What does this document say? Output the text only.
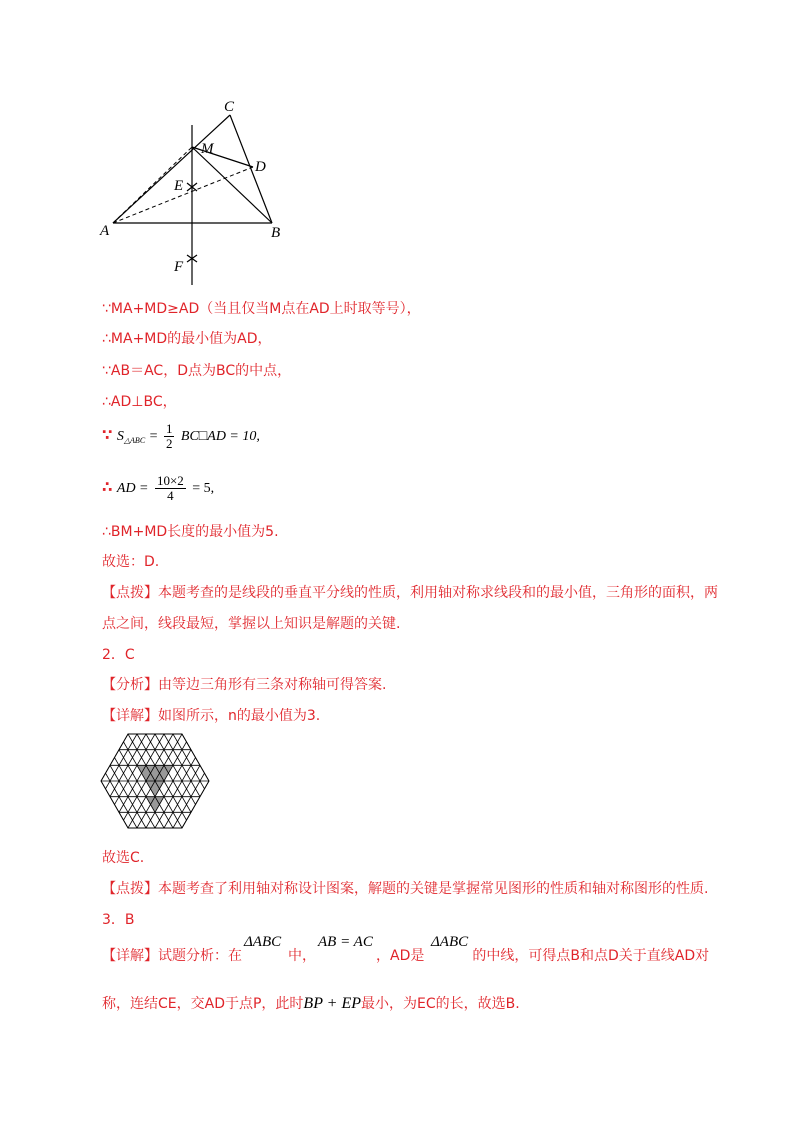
C
M
D
E
A	B
F
∵MA+MD≥AD（当且仅当M点在AD上时取等号），
∴MA+MD的最小值为AD，
∵AB＝AC，D点为BC的中点，
∴AD⊥BC，
∵ $S_{\triangle ABC} = \frac{1}{2}$ BC□AD = 10,
∴ AD = $\frac{10\times 2}{4} = 5$,
∴BM+MD长度的最小值为5.
故选：D.
【点拨】本题考查的是线段的垂直平分线的性质，利用轴对称求线段和的最小值，三角形的面积，两点之间，线段最短，掌握以上知识是解题的关键.
2．C
【分析】由等边三角形有三条对称轴可得答案.
【详解】如图所示，n的最小值为3.
故选C.
【点拨】本题考查了利用轴对称设计图案，解题的关键是掌握常见图形的性质和轴对称图形的性质.
3．B
ΔABC AB = AC	ΔABC
【详解】试题分析：在	中，	，AD是	的中线，可得点B和点D关于直线AD对
称，连结CE，交AD于点P，此时BP + EP最小，为EC的长，故选B.
